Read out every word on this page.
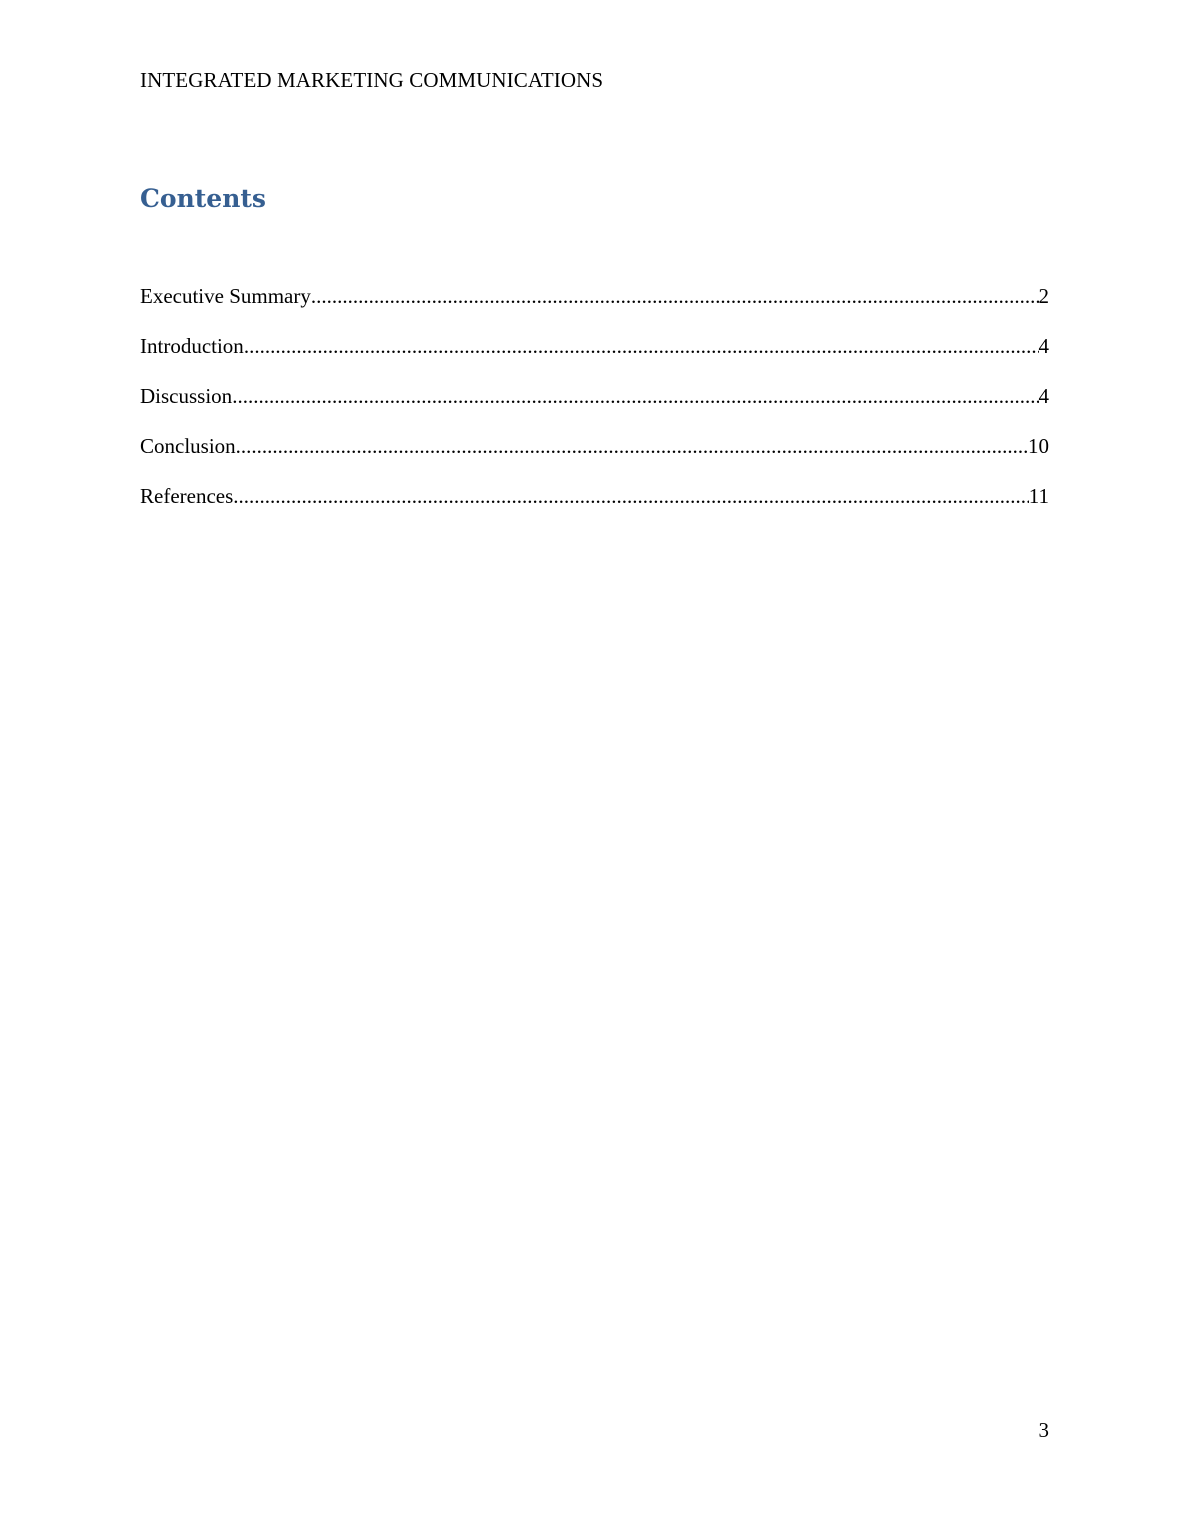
INTEGRATED MARKETING COMMUNICATIONS
Contents
Executive Summary .....	2
Introduction .....	4
Discussion .....	4
Conclusion .....	10
References .....	11
3
